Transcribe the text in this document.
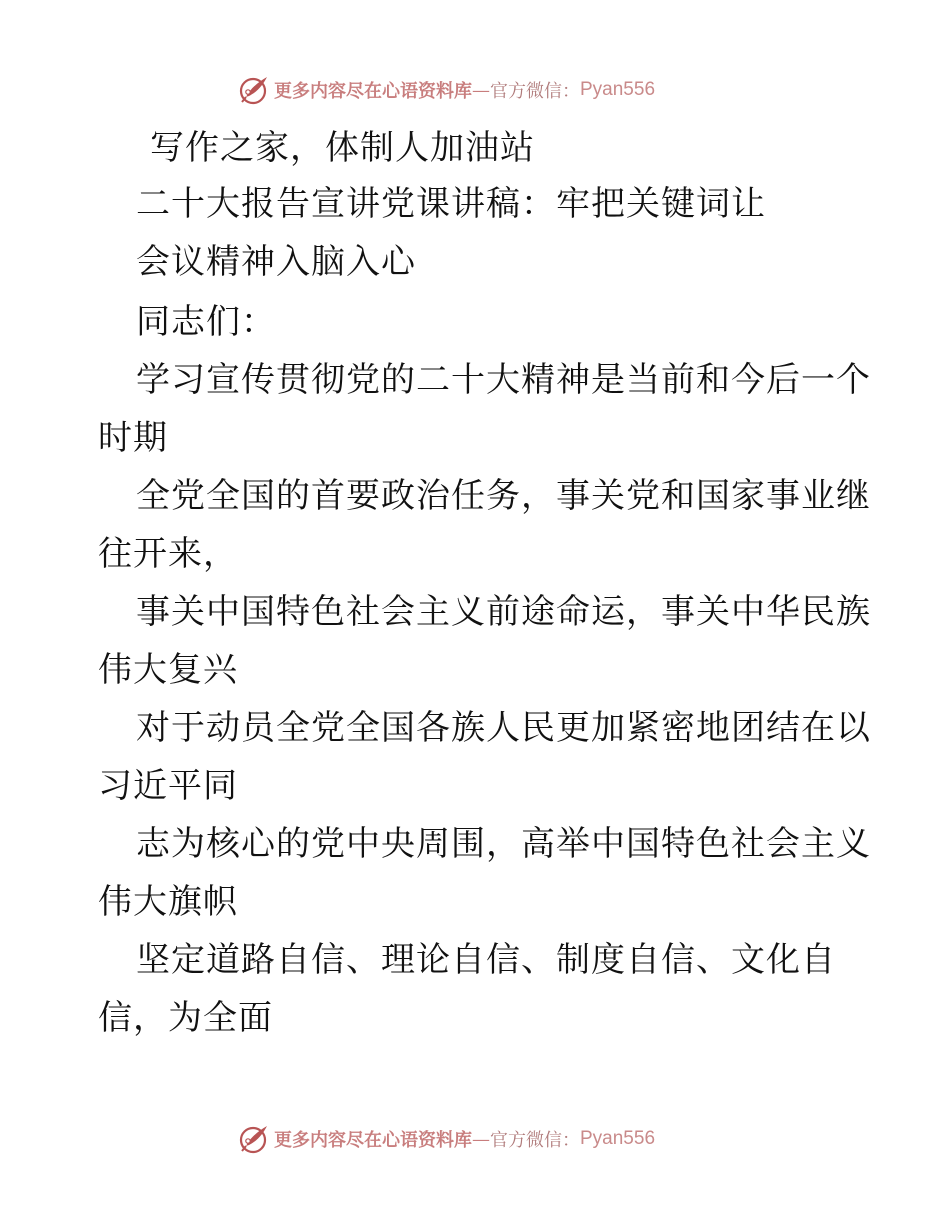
更多内容尽在心语资料库 — 官方微信： Pyan556
写作之家，体制人加油站
二十大报告宣讲党课讲稿：牢把关键词让
会议精神入脑入心
同志们：
学习宣传贯彻党的二十大精神是当前和今后一个
时期
全党全国的首要政治任务，事关党和国家事业继
往开来，
事关中国特色社会主义前途命运，事关中华民族
伟大复兴
对于动员全党全国各族人民更加紧密地团结在以
习近平同
志为核心的党中央周围，高举中国特色社会主义
伟大旗帜
坚定道路自信、理论自信、制度自信、文化自
信，为全面
更多内容尽在心语资料库 — 官方微信： Pyan556
